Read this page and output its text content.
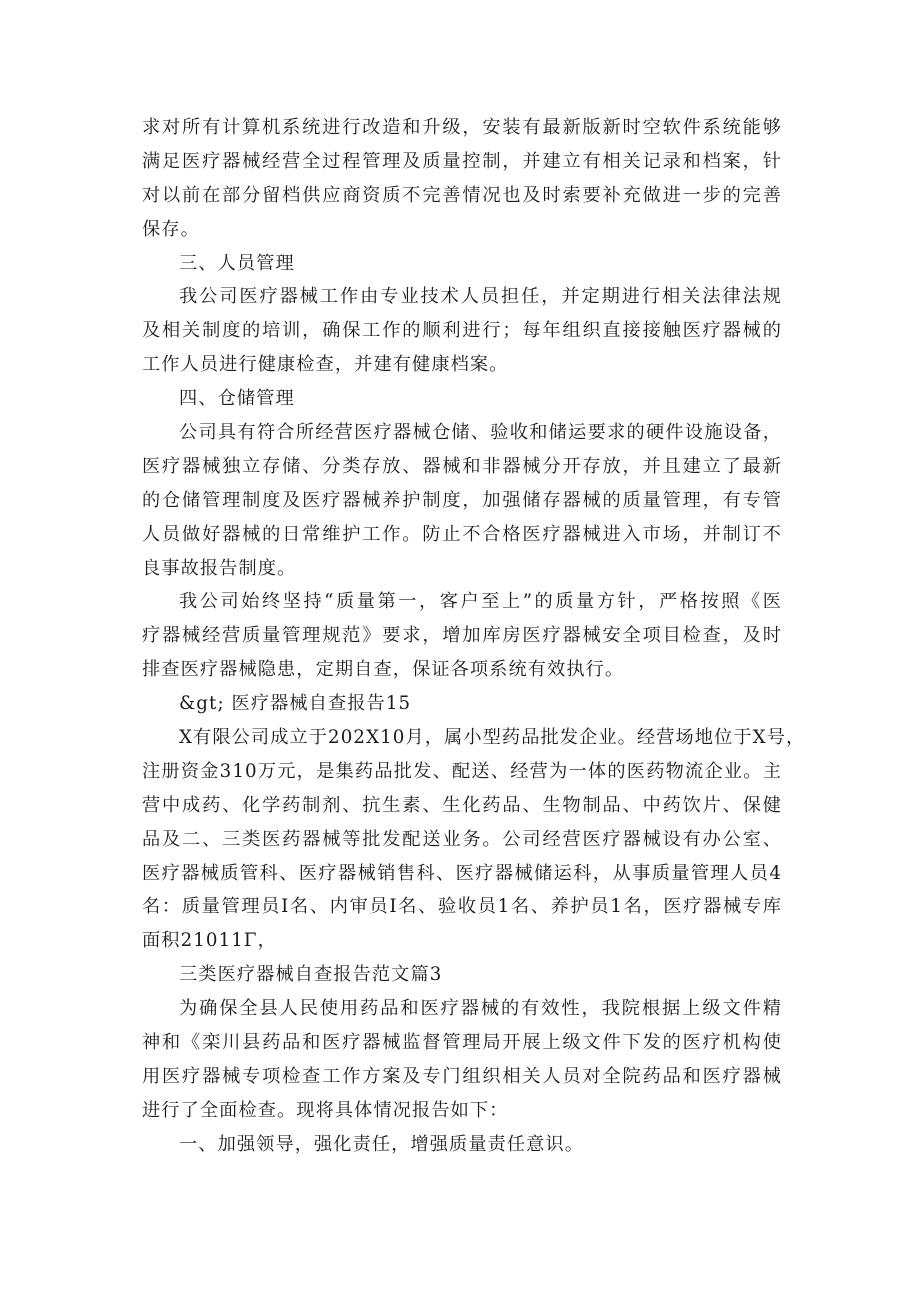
求对所有计算机系统进行改造和升级，安装有最新版新时空软件系统能够
满足医疗器械经营全过程管理及质量控制，并建立有相关记录和档案，针
对以前在部分留档供应商资质不完善情况也及时索要补充做进一步的完善
保存。
三、人员管理
我公司医疗器械工作由专业技术人员担任，并定期进行相关法律法规
及相关制度的培训，确保工作的顺利进行；每年组织直接接触医疗器械的
工作人员进行健康检查，并建有健康档案。
四、仓储管理
公司具有符合所经营医疗器械仓储、验收和储运要求的硬件设施设备，
医疗器械独立存储、分类存放、器械和非器械分开存放，并且建立了最新
的仓储管理制度及医疗器械养护制度，加强储存器械的质量管理，有专管
人员做好器械的日常维护工作。防止不合格医疗器械进入市场，并制订不
良事故报告制度。
我公司始终坚持“质量第一，客户至上”的质量方针，严格按照《医
疗器械经营质量管理规范》要求，增加库房医疗器械安全项目检查，及时
排查医疗器械隐患，定期自查，保证各项系统有效执行。
&gt; 医疗器械自查报告15
X有限公司成立于202X10月，属小型药品批发企业。经营场地位于X号，
注册资金310万元，是集药品批发、配送、经营为一体的医药物流企业。主
营中成药、化学药制剂、抗生素、生化药品、生物制品、中药饮片、保健
品及二、三类医药器械等批发配送业务。公司经营医疗器械设有办公室、
医疗器械质管科、医疗器械销售科、医疗器械储运科，从事质量管理人员4
名：质量管理员I名、内审员I名、验收员1名、养护员1名，医疗器械专库
面积21011Γ，
三类医疗器械自查报告范文篇3
为确保全县人民使用药品和医疗器械的有效性，我院根据上级文件精
神和《栾川县药品和医疗器械监督管理局开展上级文件下发的医疗机构使
用医疗器械专项检查工作方案及专门组织相关人员对全院药品和医疗器械
进行了全面检查。现将具体情况报告如下：
一、加强领导，强化责任，增强质量责任意识。
